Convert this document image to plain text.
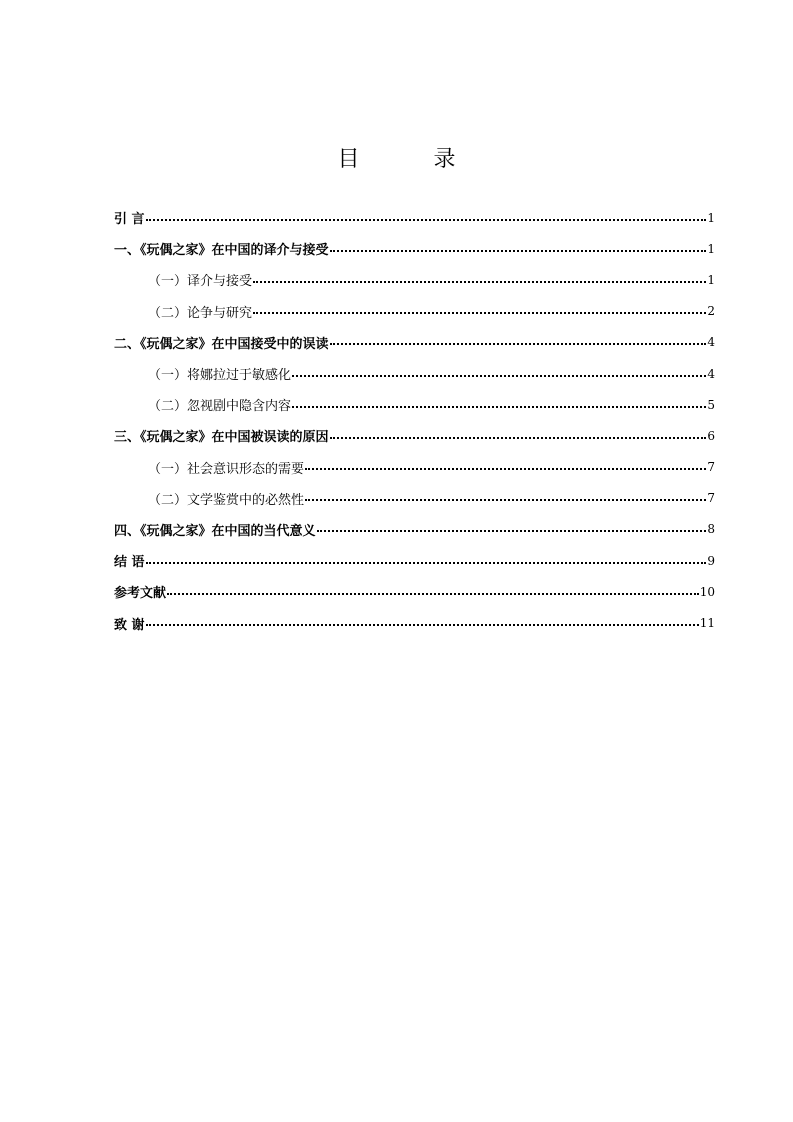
目　录
引 言	1
一、《玩偶之家》在中国的译介与接受	1
（一）译介与接受	1
（二）论争与研究	2
二、《玩偶之家》在中国接受中的误读	4
（一）将娜拉过于敏感化	4
（二）忽视剧中隐含内容	5
三、《玩偶之家》在中国被误读的原因	6
（一）社会意识形态的需要	7
（二）文学鉴赏中的必然性	7
四、《玩偶之家》在中国的当代意义	8
结 语	9
参考文献	10
致 谢	11
